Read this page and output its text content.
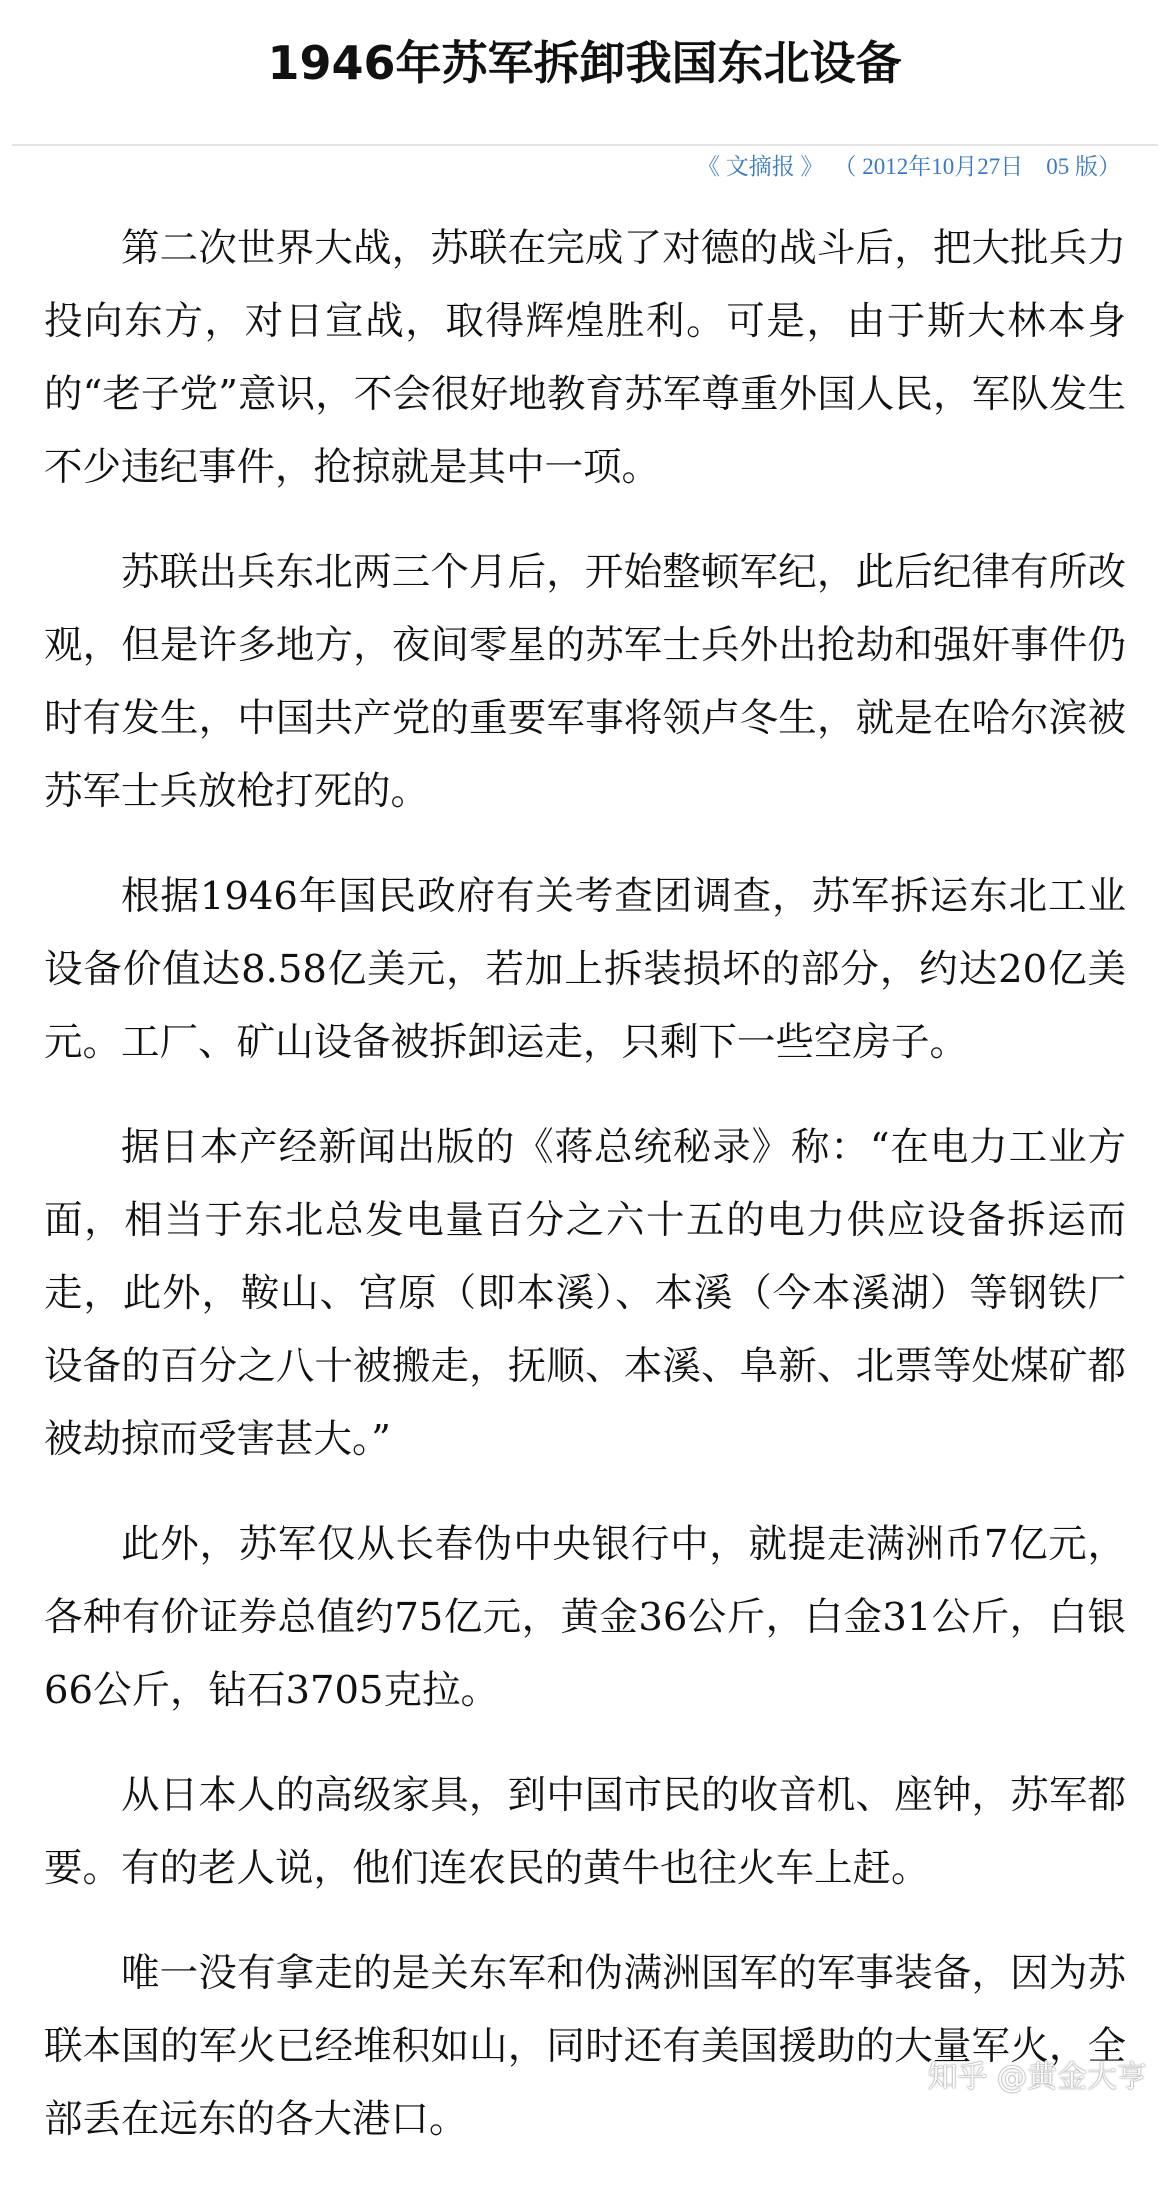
1946年苏军拆卸我国东北设备
《 文摘报 》 （ 2012年10月27日　05 版）

第二次世界大战，苏联在完成了对德的战斗后，把大批兵力投向东方，对日宣战，取得辉煌胜利。可是，由于斯大林本身的“老子党”意识，不会很好地教育苏军尊重外国人民，军队发生不少违纪事件，抢掠就是其中一项。

苏联出兵东北两三个月后，开始整顿军纪，此后纪律有所改观，但是许多地方，夜间零星的苏军士兵外出抢劫和强奸事件仍时有发生，中国共产党的重要军事将领卢冬生，就是在哈尔滨被苏军士兵放枪打死的。

根据1946年国民政府有关考查团调查，苏军拆运东北工业设备价值达8.58亿美元，若加上拆装损坏的部分，约达20亿美元。工厂、矿山设备被拆卸运走，只剩下一些空房子。

据日本产经新闻出版的《蒋总统秘录》称：“在电力工业方面，相当于东北总发电量百分之六十五的电力供应设备拆运而走，此外，鞍山、宫原（即本溪）、本溪（今本溪湖）等钢铁厂设备的百分之八十被搬走，抚顺、本溪、阜新、北票等处煤矿都被劫掠而受害甚大。”

此外，苏军仅从长春伪中央银行中，就提走满洲币7亿元，各种有价证券总值约75亿元，黄金36公斤，白金31公斤，白银66公斤，钻石3705克拉。

从日本人的高级家具，到中国市民的收音机、座钟，苏军都要。有的老人说，他们连农民的黄牛也往火车上赶。

唯一没有拿走的是关东军和伪满洲国军的军事装备，因为苏联本国的军火已经堆积如山，同时还有美国援助的大量军火，全部丢在远东的各大港口。

知乎 @黄金大亨
